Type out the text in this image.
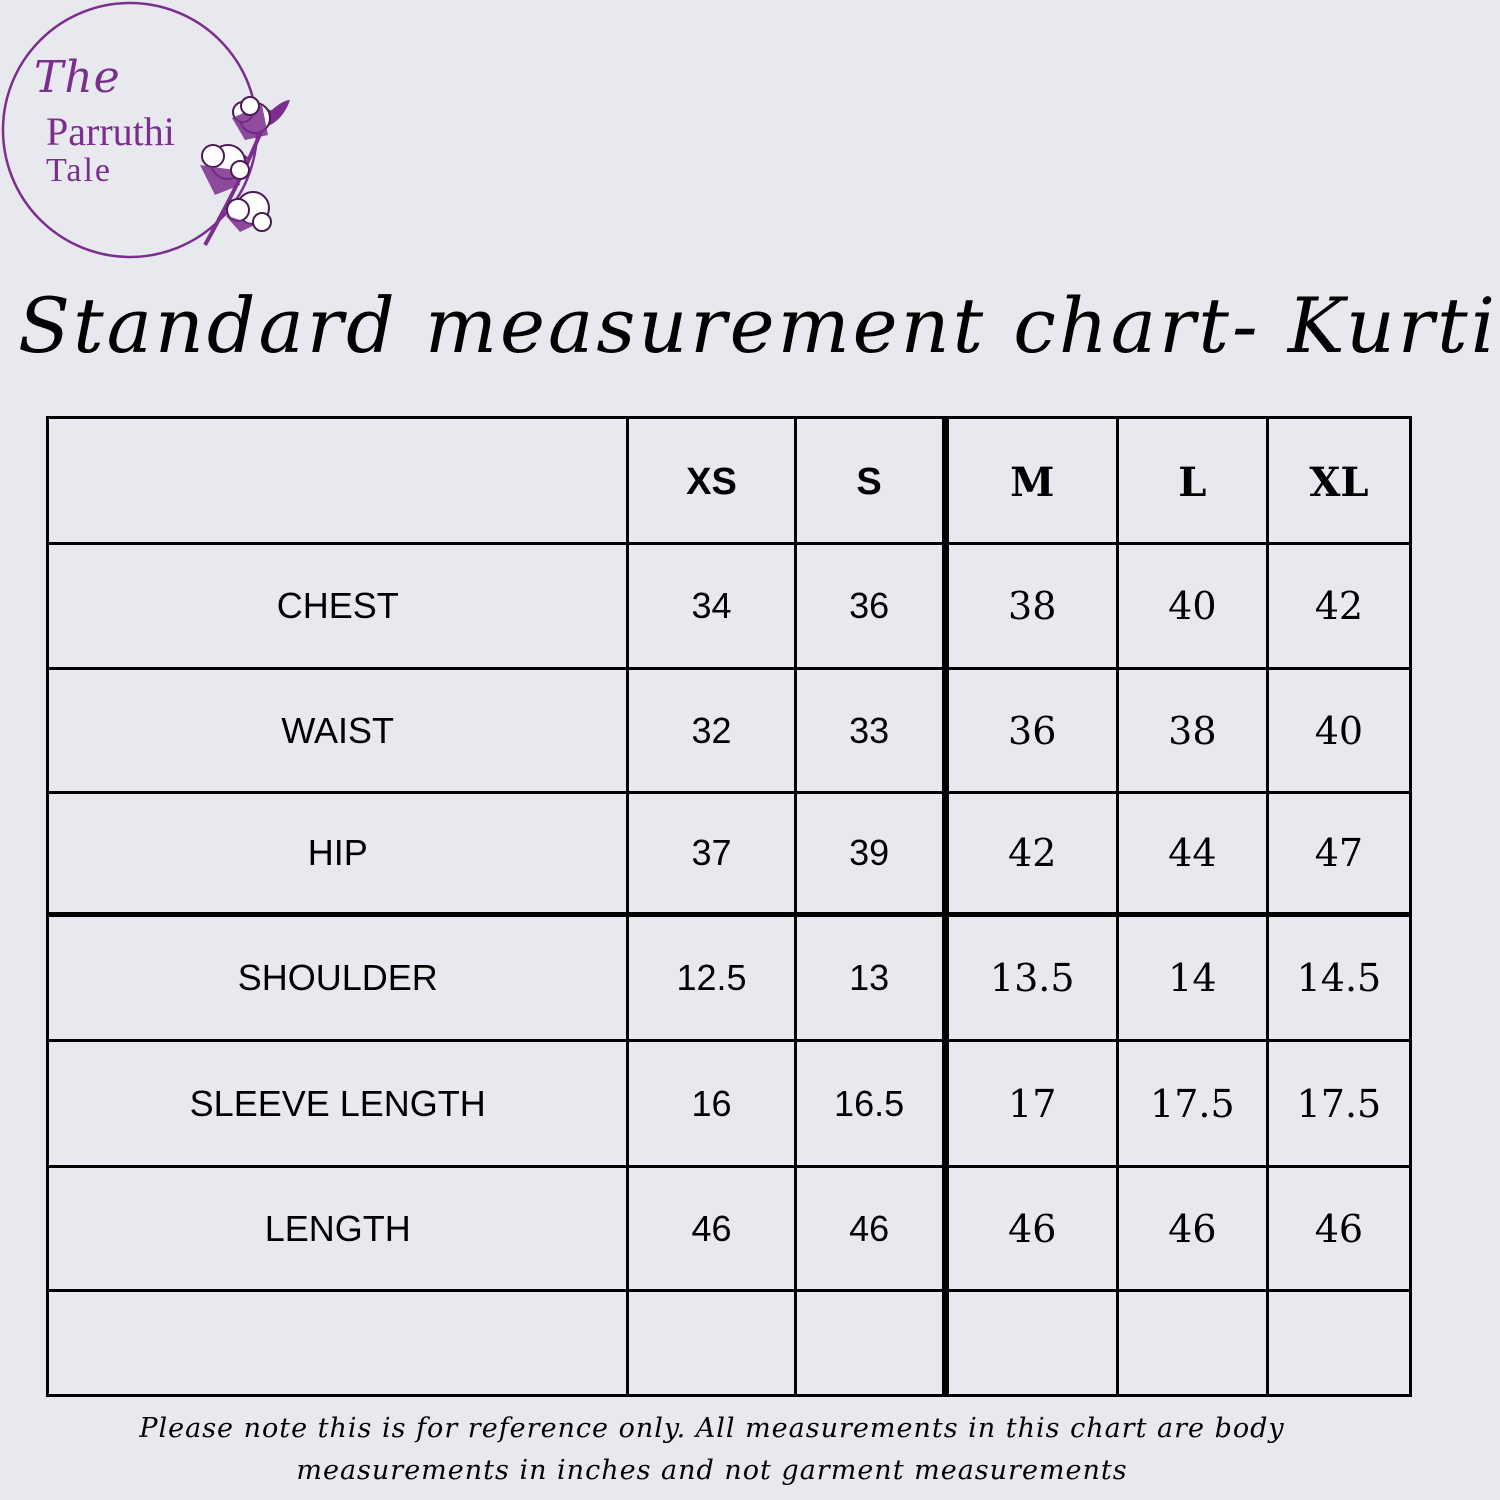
The
Parruthi
Tale
Standard measurement chart- Kurti
	XS	S	M	L	XL
CHEST	34	36	38	40	42
WAIST	32	33	36	38	40
HIP	37	39	42	44	47
SHOULDER	12.5	13	13.5	14	14.5
SLEEVE LENGTH	16	16.5	17	17.5	17.5
LENGTH	46	46	46	46	46

Please note this is for reference only. All measurements in this chart are body
measurements in inches and not garment measurements
